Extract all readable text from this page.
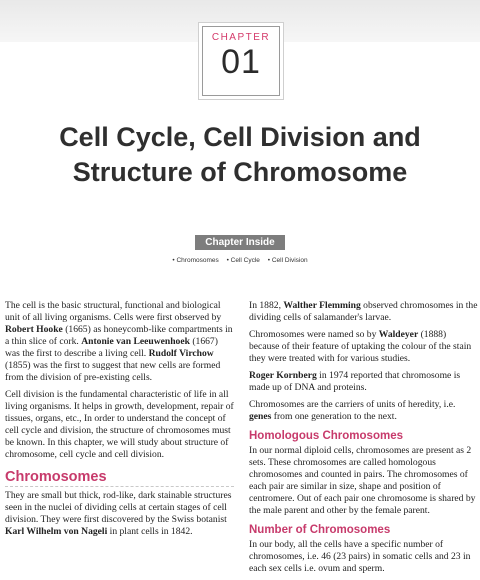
CHAPTER
01
Cell Cycle, Cell Division and
Structure of Chromosome
Chapter Inside
• Chromosomes • Cell Cycle • Cell Division

The cell is the basic structural, functional and biological unit of all living organisms. Cells were first observed by Robert Hooke (1665) as honeycomb-like compartments in a thin slice of cork. Antonie van Leeuwenhoek (1667) was the first to describe a living cell. Rudolf Virchow (1855) was the first to suggest that new cells are formed from the division of pre-existing cells.

Cell division is the fundamental characteristic of life in all living organisms. It helps in growth, development, repair of tissues, organs, etc., In order to understand the concept of cell cycle and division, the structure of chromosomes must be known. In this chapter, we will study about structure of chromosome, cell cycle and cell division.

Chromosomes

They are small but thick, rod-like, dark stainable structures seen in the nuclei of dividing cells at certain stages of cell division. They were first discovered by the Swiss botanist Karl Wilhelm von Nageli in plant cells in 1842.

In 1882, Walther Flemming observed chromosomes in the dividing cells of salamander's larvae.

Chromosomes were named so by Waldeyer (1888) because of their feature of uptaking the colour of the stain they were treated with for various studies.

Roger Kornberg in 1974 reported that chromosome is made up of DNA and proteins.

Chromosomes are the carriers of units of heredity, i.e. genes from one generation to the next.

Homologous Chromosomes

In our normal diploid cells, chromosomes are present as 2 sets. These chromosomes are called homologous chromosomes and counted in pairs. The chromosomes of each pair are similar in size, shape and position of centromere. Out of each pair one chromosome is shared by the male parent and other by the female parent.

Number of Chromosomes

In our body, all the cells have a specific number of chromosomes, i.e. 46 (23 pairs) in somatic cells and 23 in each sex cells i.e. ovum and sperm.
